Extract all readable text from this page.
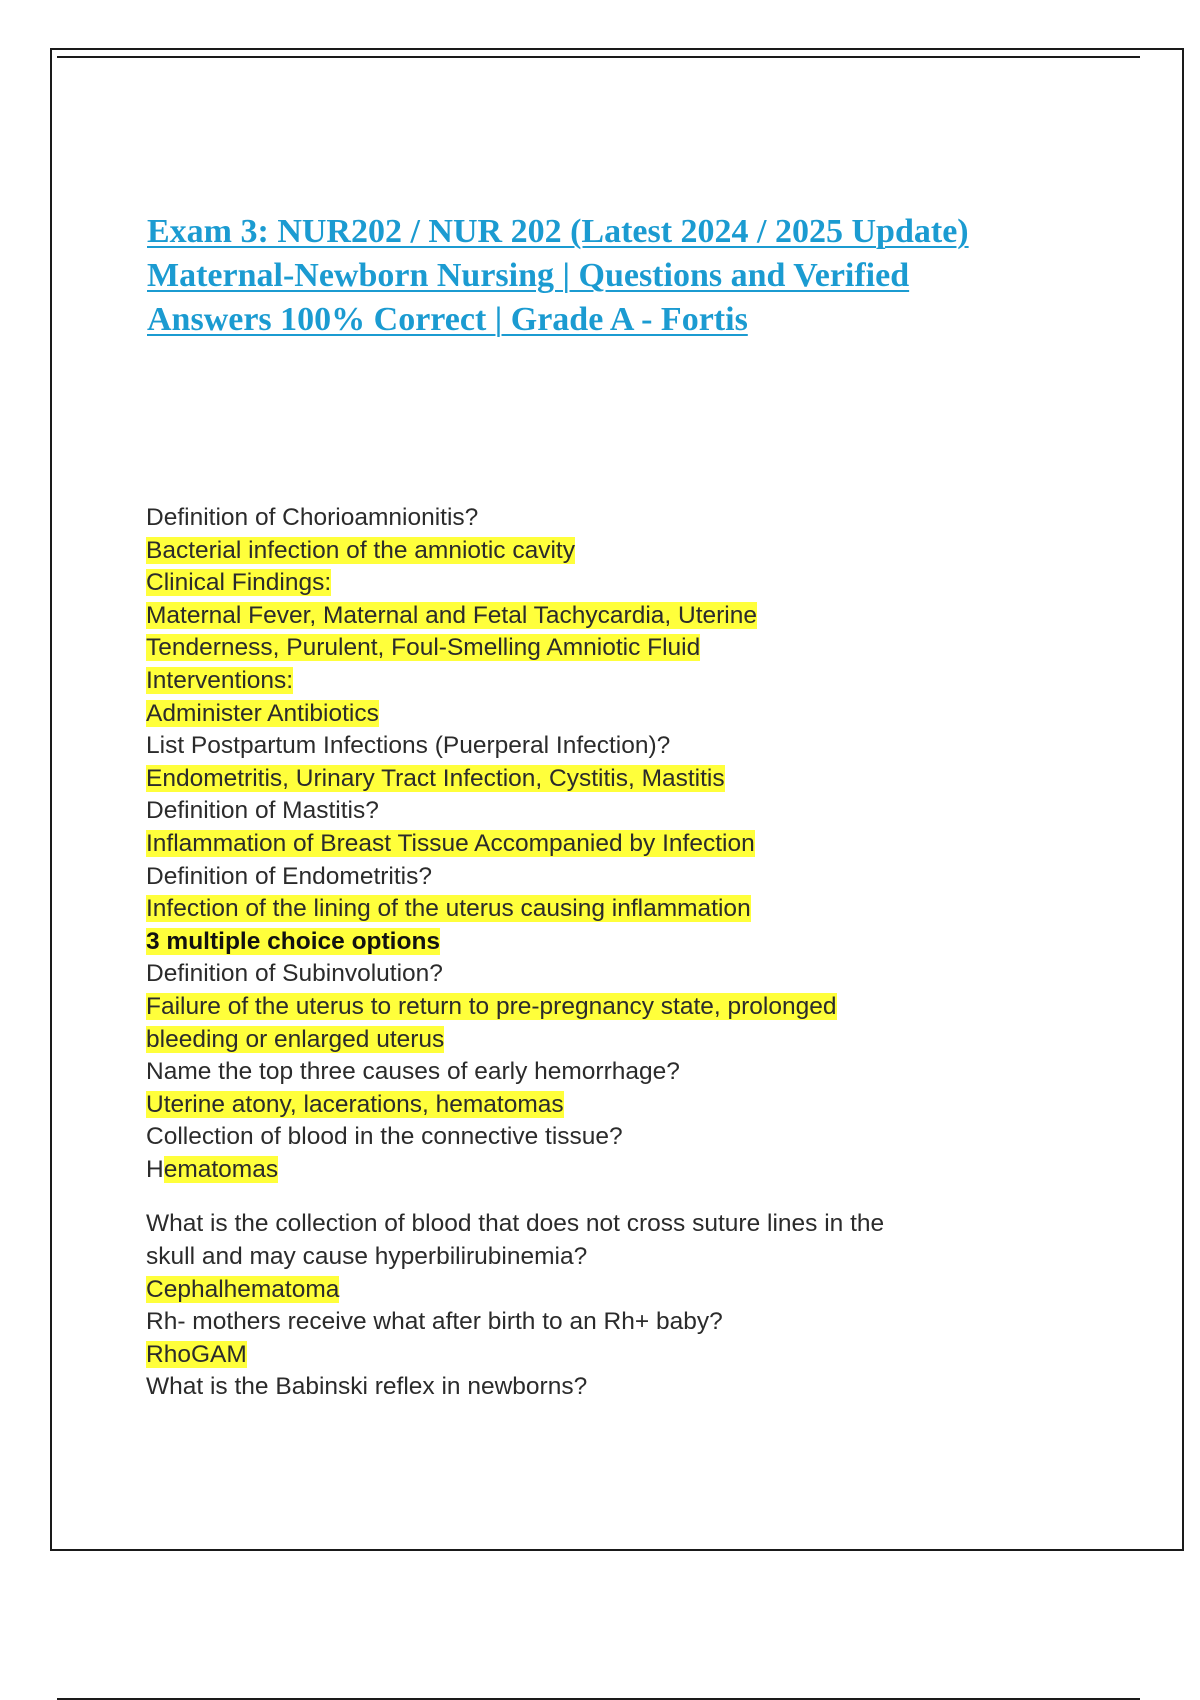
Exam 3: NUR202 / NUR 202 (Latest 2024 / 2025 Update)
Maternal-Newborn Nursing | Questions and Verified
Answers 100% Correct | Grade A - Fortis
Definition of Chorioamnionitis?
Bacterial infection of the amniotic cavity
Clinical Findings:
Maternal Fever, Maternal and Fetal Tachycardia, Uterine
Tenderness, Purulent, Foul-Smelling Amniotic Fluid
Interventions:
Administer Antibiotics
List Postpartum Infections (Puerperal Infection)?
Endometritis, Urinary Tract Infection, Cystitis, Mastitis
Definition of Mastitis?
Inflammation of Breast Tissue Accompanied by Infection
Definition of Endometritis?
Infection of the lining of the uterus causing inflammation
3 multiple choice options
Definition of Subinvolution?
Failure of the uterus to return to pre-pregnancy state, prolonged
bleeding or enlarged uterus
Name the top three causes of early hemorrhage?
Uterine atony, lacerations, hematomas
Collection of blood in the connective tissue?
Hematomas
What is the collection of blood that does not cross suture lines in the
skull and may cause hyperbilirubinemia?
Cephalhematoma
Rh- mothers receive what after birth to an Rh+ baby?
RhoGAM
What is the Babinski reflex in newborns?
